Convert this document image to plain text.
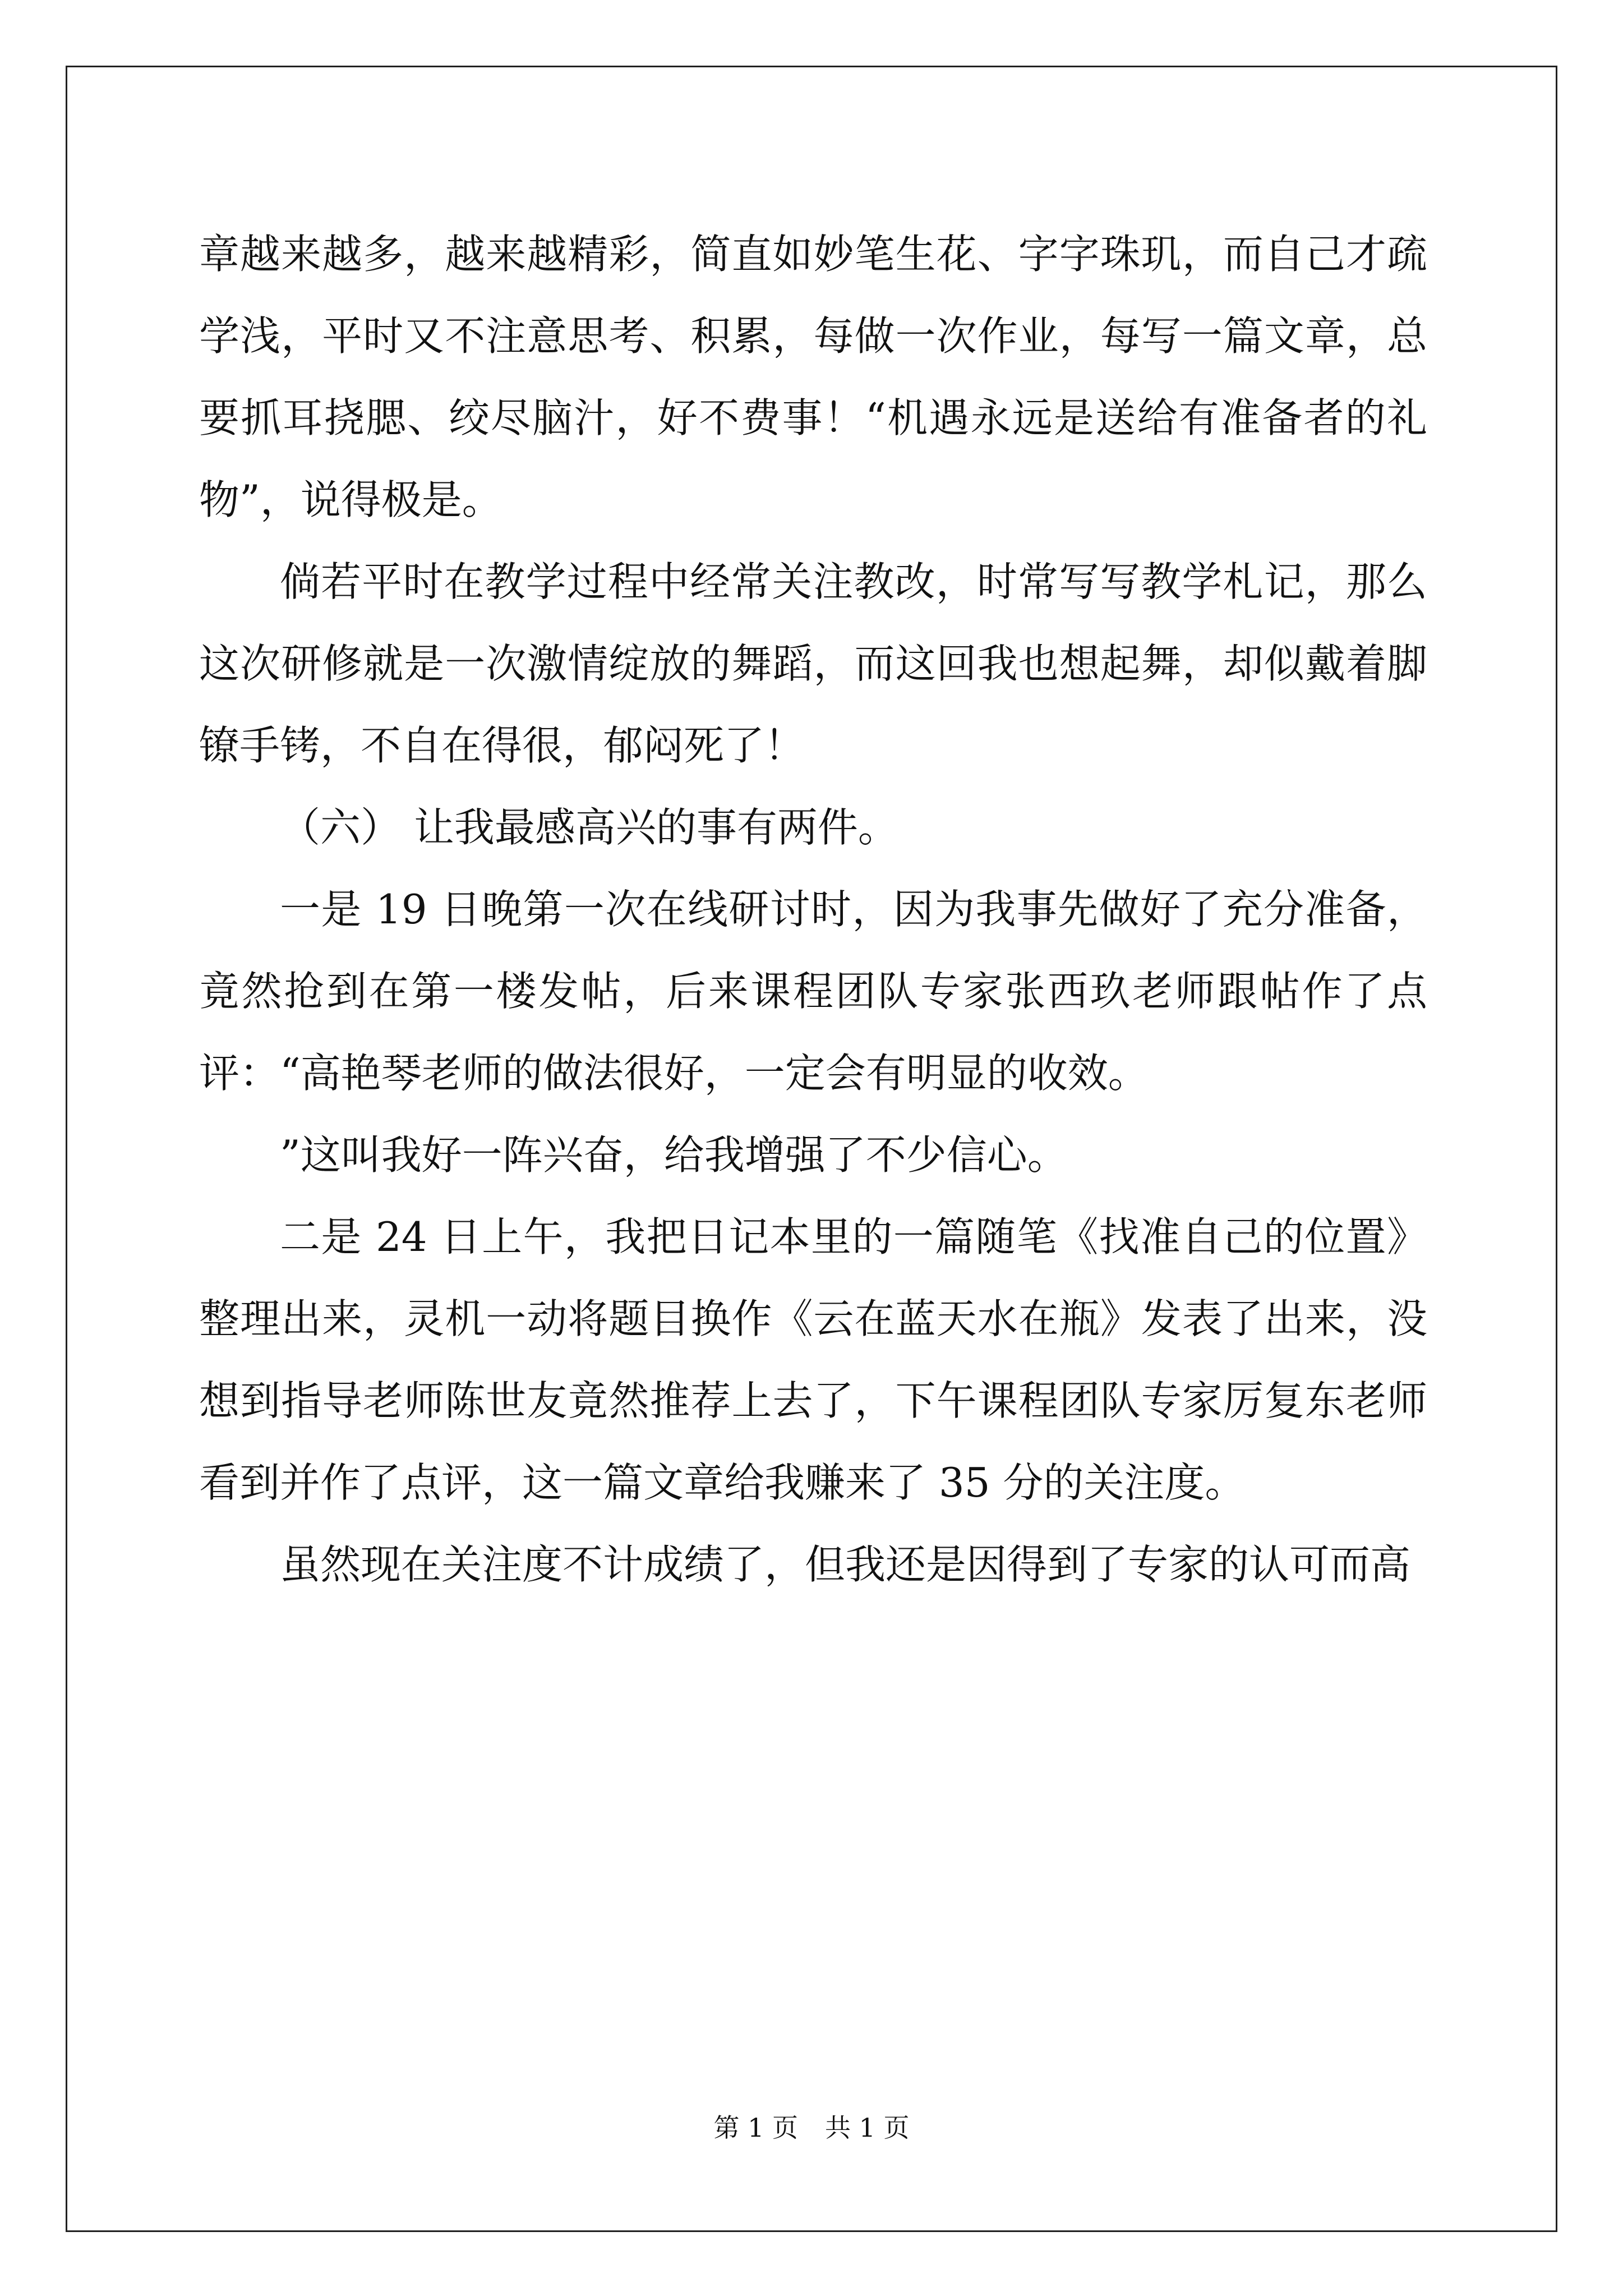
章越来越多，越来越精彩，简直如妙笔生花、字字珠玑，而自己才疏学浅，平时又不注意思考、积累，每做一次作业，每写一篇文章，总要抓耳挠腮、绞尽脑汁，好不费事！“机遇永远是送给有准备者的礼物”，说得极是。

倘若平时在教学过程中经常关注教改，时常写写教学札记，那么这次研修就是一次激情绽放的舞蹈，而这回我也想起舞，却似戴着脚镣手铐，不自在得很，郁闷死了！

（六） 让我最感高兴的事有两件。

一是 19 日晚第一次在线研讨时，因为我事先做好了充分准备，竟然抢到在第一楼发帖，后来课程团队专家张西玖老师跟帖作了点评：“高艳琴老师的做法很好，一定会有明显的收效。

”这叫我好一阵兴奋，给我增强了不少信心。

二是 24 日上午，我把日记本里的一篇随笔《找准自己的位置》整理出来，灵机一动将题目换作《云在蓝天水在瓶》发表了出来，没想到指导老师陈世友竟然推荐上去了，下午课程团队专家厉复东老师看到并作了点评，这一篇文章给我赚来了 35 分的关注度。

虽然现在关注度不计成绩了，但我还是因得到了专家的认可而高

第 1 页 共 1 页
